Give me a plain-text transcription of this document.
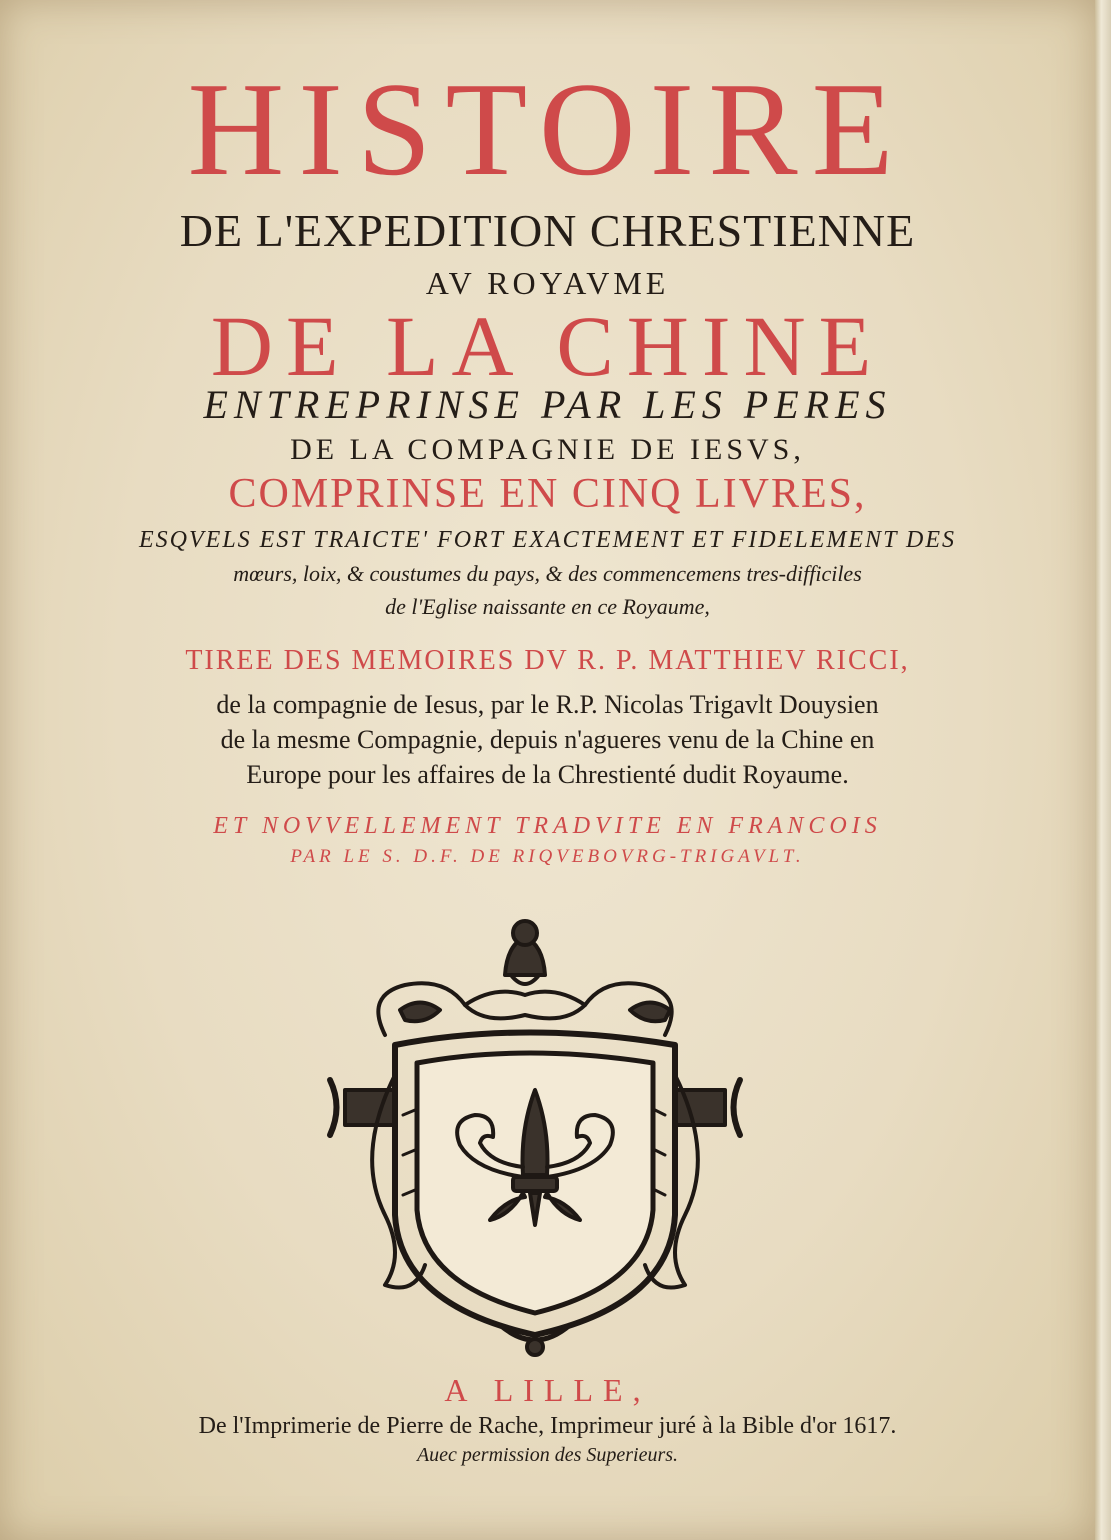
HISTOIRE
DE L'EXPEDITION CHRESTIENNE
AV ROYAVME
DE LA CHINE
ENTREPRINSE PAR LES PERES
DE LA COMPAGNIE DE IESVS,
COMPRINSE EN CINQ LIVRES,
ESQVELS EST TRAICTE' FORT EXACTEMENT ET FIDELEMENT DES
mœurs, loix, & coustumes du pays, & des commencemens tres-difficiles
de l'Eglise naissante en ce Royaume,
TIREE DES MEMOIRES DV R. P. MATTHIEV RICCI,
de la compagnie de Iesus, par le R.P. Nicolas Trigavlt Douysien
de la mesme Compagnie, depuis n'agueres venu de la Chine en
Europe pour les affaires de la Chrestienté dudit Royaume.
ET NOVVELLEMENT TRADVITE EN FRANCOIS
PAR LE S. D.F. DE RIQVEBOVRG-TRIGAVLT.
A LILLE,
De l'Imprimerie de Pierre de Rache, Imprimeur juré à la Bible d'or 1617.
Auec permission des Superieurs.
